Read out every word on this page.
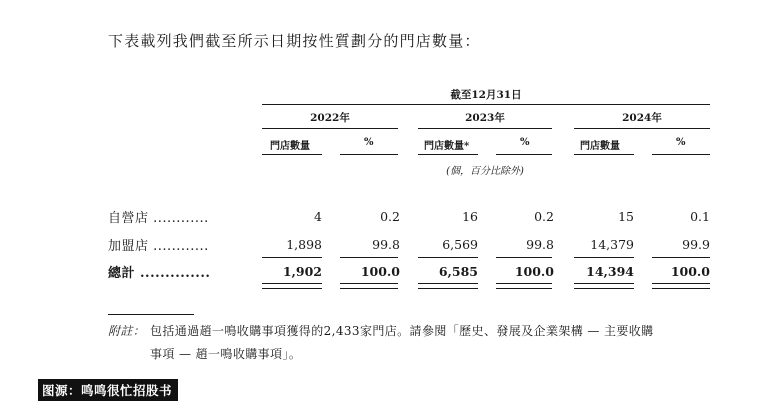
下表載列我們截至所示日期按性質劃分的門店數量：
截至12月31日
2022年	2023年	2024年
門店數量	%	門店數量*	%	門店數量	%
(個，百分比除外)
自營店 ............	4	0.2	16	0.2	15	0.1
加盟店 ............	1,898	99.8	6,569	99.8	14,379	99.9
總計 ..............	1,902	100.0	6,585	100.0	14,394	100.0
附註： 包括通過趙一鳴收購事項獲得的2,433家門店。請參閱「歷史、發展及企業架構 — 主要收購
事項 — 趙一鳴收購事項」。
图源：鸣鸣很忙招股书
